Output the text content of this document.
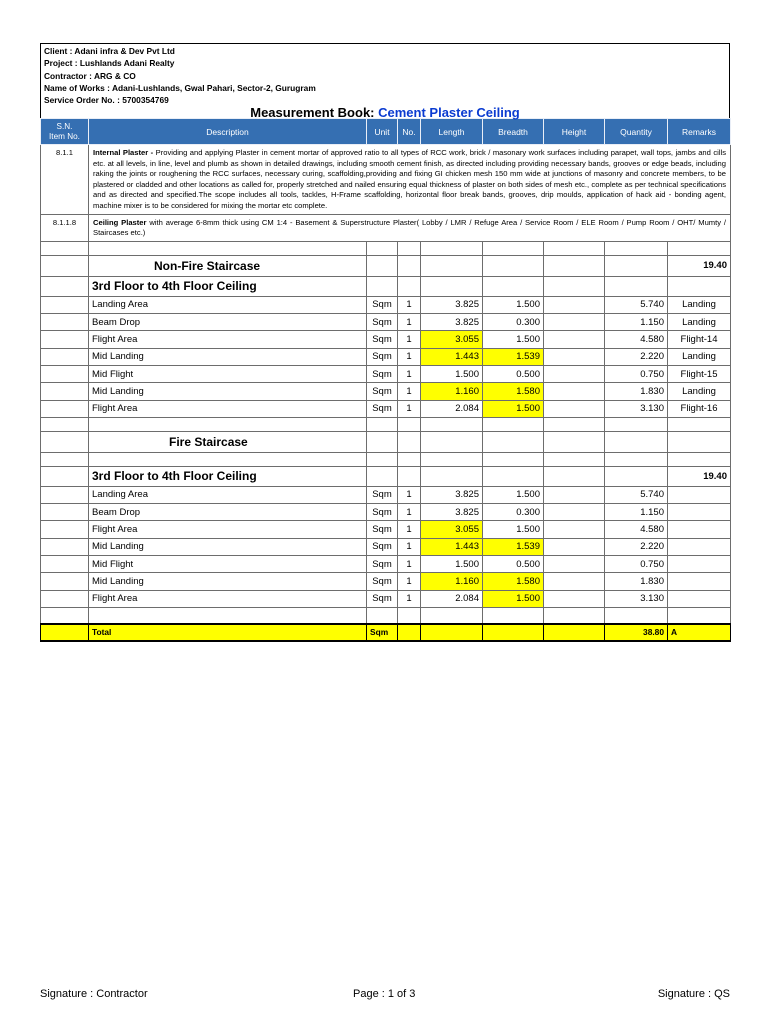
Client : Adani infra & Dev Pvt Ltd
Project : Lushlands Adani Realty
Contractor : ARG & CO
Name of Works : Adani-Lushlands, Gwal Pahari, Sector-2, Gurugram
Service Order No. : 5700354769
Measurement Book: Cement Plaster Ceiling
S.N.
Item No.	Description	Unit	No.	Length	Breadth	Height	Quantity	Remarks
8.1.1	Internal Plaster - Providing and applying Plaster in cement mortar of approved ratio to all types of RCC work, brick / masonary work surfaces including parapet, wall tops, jambs and cills etc. at all levels, in line, level and plumb as shown in detailed drawings, including smooth cement finish, as directed including providing necessary bands, grooves or edge beads, including raking the joints or roughening the RCC surfaces, necessary curing, scaffolding,providing and fixing GI chicken mesh 150 mm wide at junctions of masonry and concrete members, to be plastered or cladded and other locations as called for, properly stretched and nailed ensuring equal thickness of plaster on both sides of mesh etc., complete as per technical specifications and as directed and specified.The scope includes all tools, tackles, H-Frame scaffolding, horizontal floor break bands, grooves, drip moulds, application of hack aid - bonding agent, machine mixer is to be considered for mixing the mortar etc complete.							
8.1.1.8	Ceiling Plaster with average 6-8mm thick using CM 1:4 - Basement & Superstructure Plaster( Lobby / LMR / Refuge Area / Service Room / ELE Room / Pump Room / OHT/ Mumty / Staircases etc.)							

	Non-Fire Staircase							19.40
	3rd Floor to 4th Floor Ceiling							
	Landing Area	Sqm	1	3.825	1.500		5.740	Landing
	Beam Drop	Sqm	1	3.825	0.300		1.150	Landing
	Flight Area	Sqm	1	3.055	1.500		4.580	Flight-14
	Mid Landing	Sqm	1	1.443	1.539		2.220	Landing
	Mid Flight	Sqm	1	1.500	0.500		0.750	Flight-15
	Mid Landing	Sqm	1	1.160	1.580		1.830	Landing
	Flight Area	Sqm	1	2.084	1.500		3.130	Flight-16

	Fire Staircase							

	3rd Floor to 4th Floor Ceiling							19.40
	Landing Area	Sqm	1	3.825	1.500		5.740	
	Beam Drop	Sqm	1	3.825	0.300		1.150	
	Flight Area	Sqm	1	3.055	1.500		4.580	
	Mid Landing	Sqm	1	1.443	1.539		2.220	
	Mid Flight	Sqm	1	1.500	0.500		0.750	
	Mid Landing	Sqm	1	1.160	1.580		1.830	
	Flight Area	Sqm	1	2.084	1.500		3.130	

	Total	Sqm					38.80	A
Signature : Contractor	Page : 1 of 3	Signature : QS
